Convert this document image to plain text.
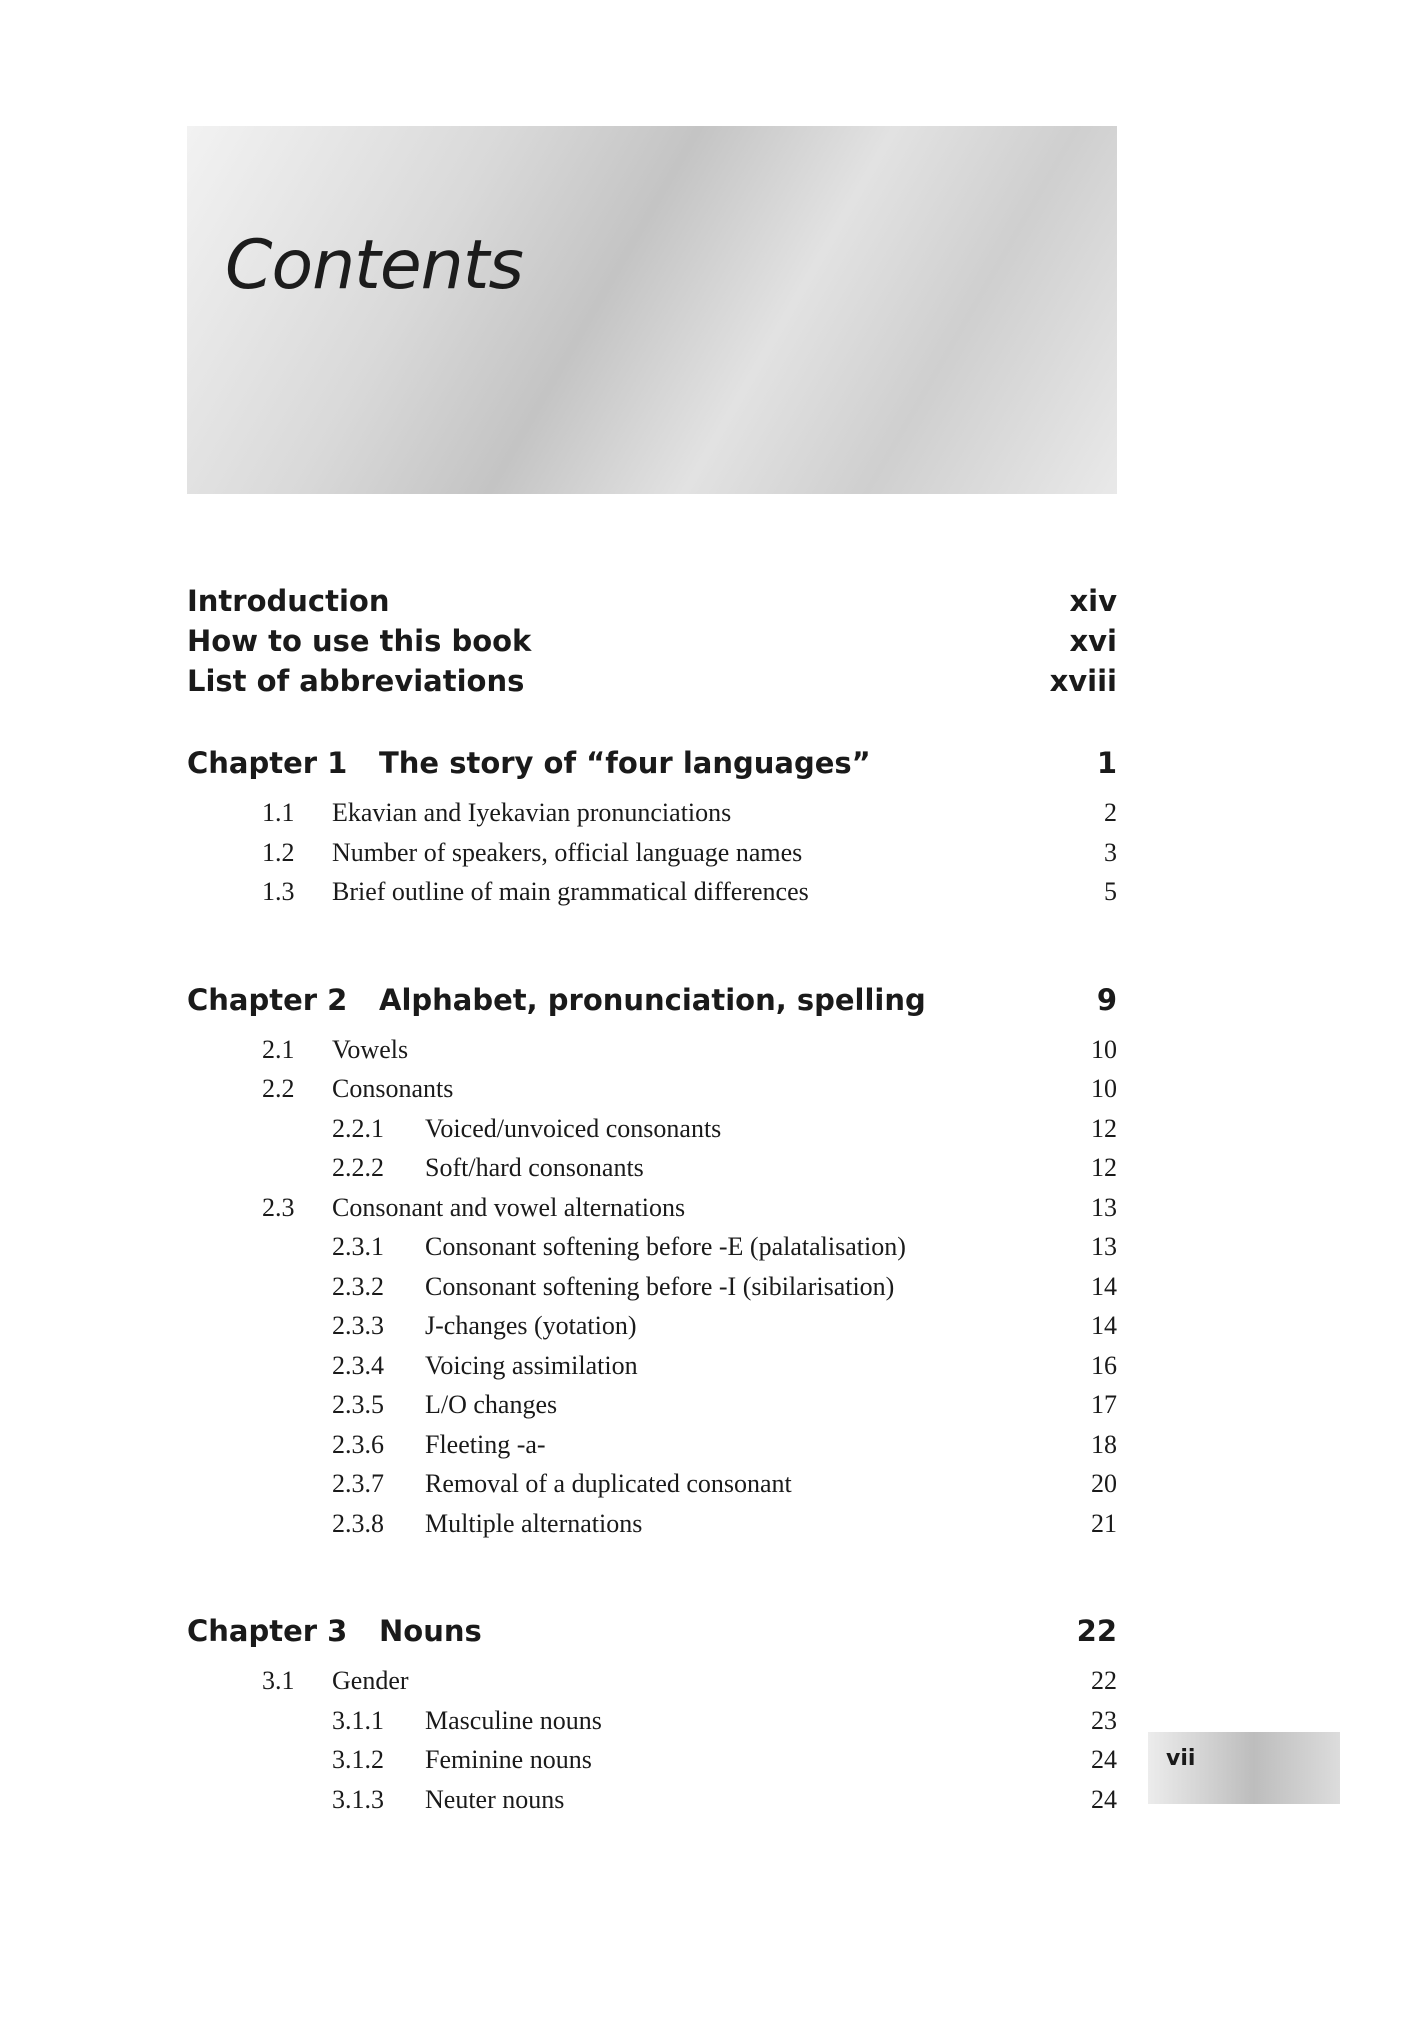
Contents
Introduction	xiv
How to use this book	xvi
List of abbreviations	xviii
Chapter 1	The story of “four languages”	1
1.1 Ekavian and Iyekavian pronunciations	2
1.2 Number of speakers, official language names	3
1.3 Brief outline of main grammatical differences	5
Chapter 2	Alphabet, pronunciation, spelling	9
2.1 Vowels	10
2.2 Consonants	10
2.2.1 Voiced/unvoiced consonants	12
2.2.2 Soft/hard consonants	12
2.3 Consonant and vowel alternations	13
2.3.1 Consonant softening before -E (palatalisation)	13
2.3.2 Consonant softening before -I (sibilarisation)	14
2.3.3 J-changes (yotation)	14
2.3.4 Voicing assimilation	16
2.3.5 L/O changes	17
2.3.6 Fleeting -a-	18
2.3.7 Removal of a duplicated consonant	20
2.3.8 Multiple alternations	21
Chapter 3	Nouns	22
3.1 Gender	22
3.1.1 Masculine nouns	23
3.1.2 Feminine nouns	24
3.1.3 Neuter nouns	24
vii
